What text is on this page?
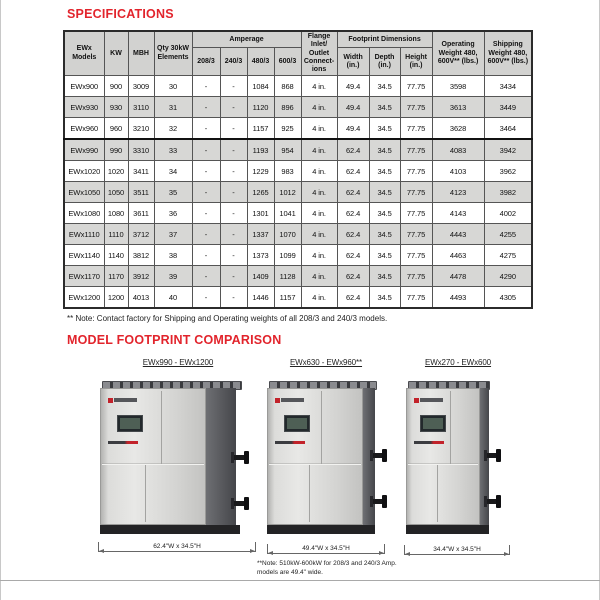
SPECIFICATIONS
EWx Models	KW	MBH	Qty 30kW Elements	Amperage				Flange Inlet/ Outlet Connect-ions	Footprint Dimensions			Operating Weight 480, 600V** (lbs.)	Shipping Weight 480, 600V** (lbs.)
				208/3	240/3	480/3	600/3		Width (in.)	Depth (in.)	Height (in.)		
EWx900	900	3009	30	-	-	1084	868	4 in.	49.4	34.5	77.75	3598	3434
EWx930	930	3110	31	-	-	1120	896	4 in.	49.4	34.5	77.75	3613	3449
EWx960	960	3210	32	-	-	1157	925	4 in.	49.4	34.5	77.75	3628	3464
EWx990	990	3310	33	-	-	1193	954	4 in.	62.4	34.5	77.75	4083	3942
EWx1020	1020	3411	34	-	-	1229	983	4 in.	62.4	34.5	77.75	4103	3962
EWx1050	1050	3511	35	-	-	1265	1012	4 in.	62.4	34.5	77.75	4123	3982
EWx1080	1080	3611	36	-	-	1301	1041	4 in.	62.4	34.5	77.75	4143	4002
EWx1110	1110	3712	37	-	-	1337	1070	4 in.	62.4	34.5	77.75	4443	4255
EWx1140	1140	3812	38	-	-	1373	1099	4 in.	62.4	34.5	77.75	4463	4275
EWx1170	1170	3912	39	-	-	1409	1128	4 in.	62.4	34.5	77.75	4478	4290
EWx1200	1200	4013	40	-	-	1446	1157	4 in.	62.4	34.5	77.75	4493	4305
** Note: Contact factory for Shipping and Operating weights of all 208/3 and 240/3 models.
MODEL FOOTPRINT COMPARISON
EWx990 - EWx1200
62.4"W x 34.5"H
EWx630 - EWx960**
49.4"W x 34.5"H
**Note: 510kW-600kW for 208/3 and 240/3 Amp. models are 49.4" wide.
EWx270 - EWx600
34.4"W x 34.5"H
